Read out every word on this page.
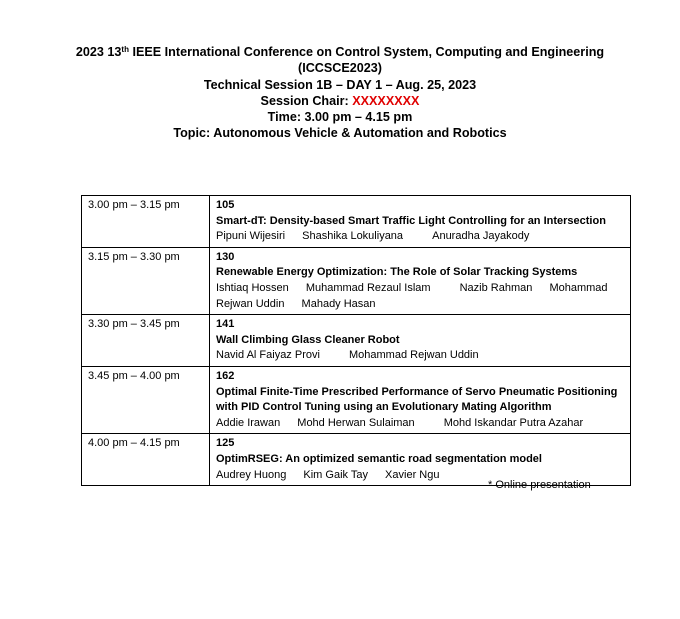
2023 13th IEEE International Conference on Control System, Computing and Engineering
(ICCSCE2023)
Technical Session 1B – DAY 1 – Aug. 25, 2023
Session Chair: XXXXXXXX
Time: 3.00 pm – 4.15 pm
Topic: Autonomous Vehicle & Automation and Robotics
3.00 pm – 3.15 pm	105
Smart-dT: Density-based Smart Traffic Light Controlling for an Intersection
Pipuni Wijesiri Shashika Lokuliyana Anuradha Jayakody

3.15 pm – 3.30 pm	130
Renewable Energy Optimization: The Role of Solar Tracking Systems
Ishtiaq Hossen Muhammad Rezaul Islam Nazib Rahman Mohammad Rejwan Uddin Mahady Hasan

3.30 pm – 3.45 pm	141
Wall Climbing Glass Cleaner Robot
Navid Al Faiyaz Provi Mohammad Rejwan Uddin

3.45 pm – 4.00 pm	162
Optimal Finite-Time Prescribed Performance of Servo Pneumatic Positioning with PID Control Tuning using an Evolutionary Mating Algorithm
Addie Irawan Mohd Herwan Sulaiman Mohd Iskandar Putra Azahar

4.00 pm – 4.15 pm	125
OptimRSEG: An optimized semantic road segmentation model
Audrey Huong Kim Gaik Tay Xavier Ngu
* Online presentation
